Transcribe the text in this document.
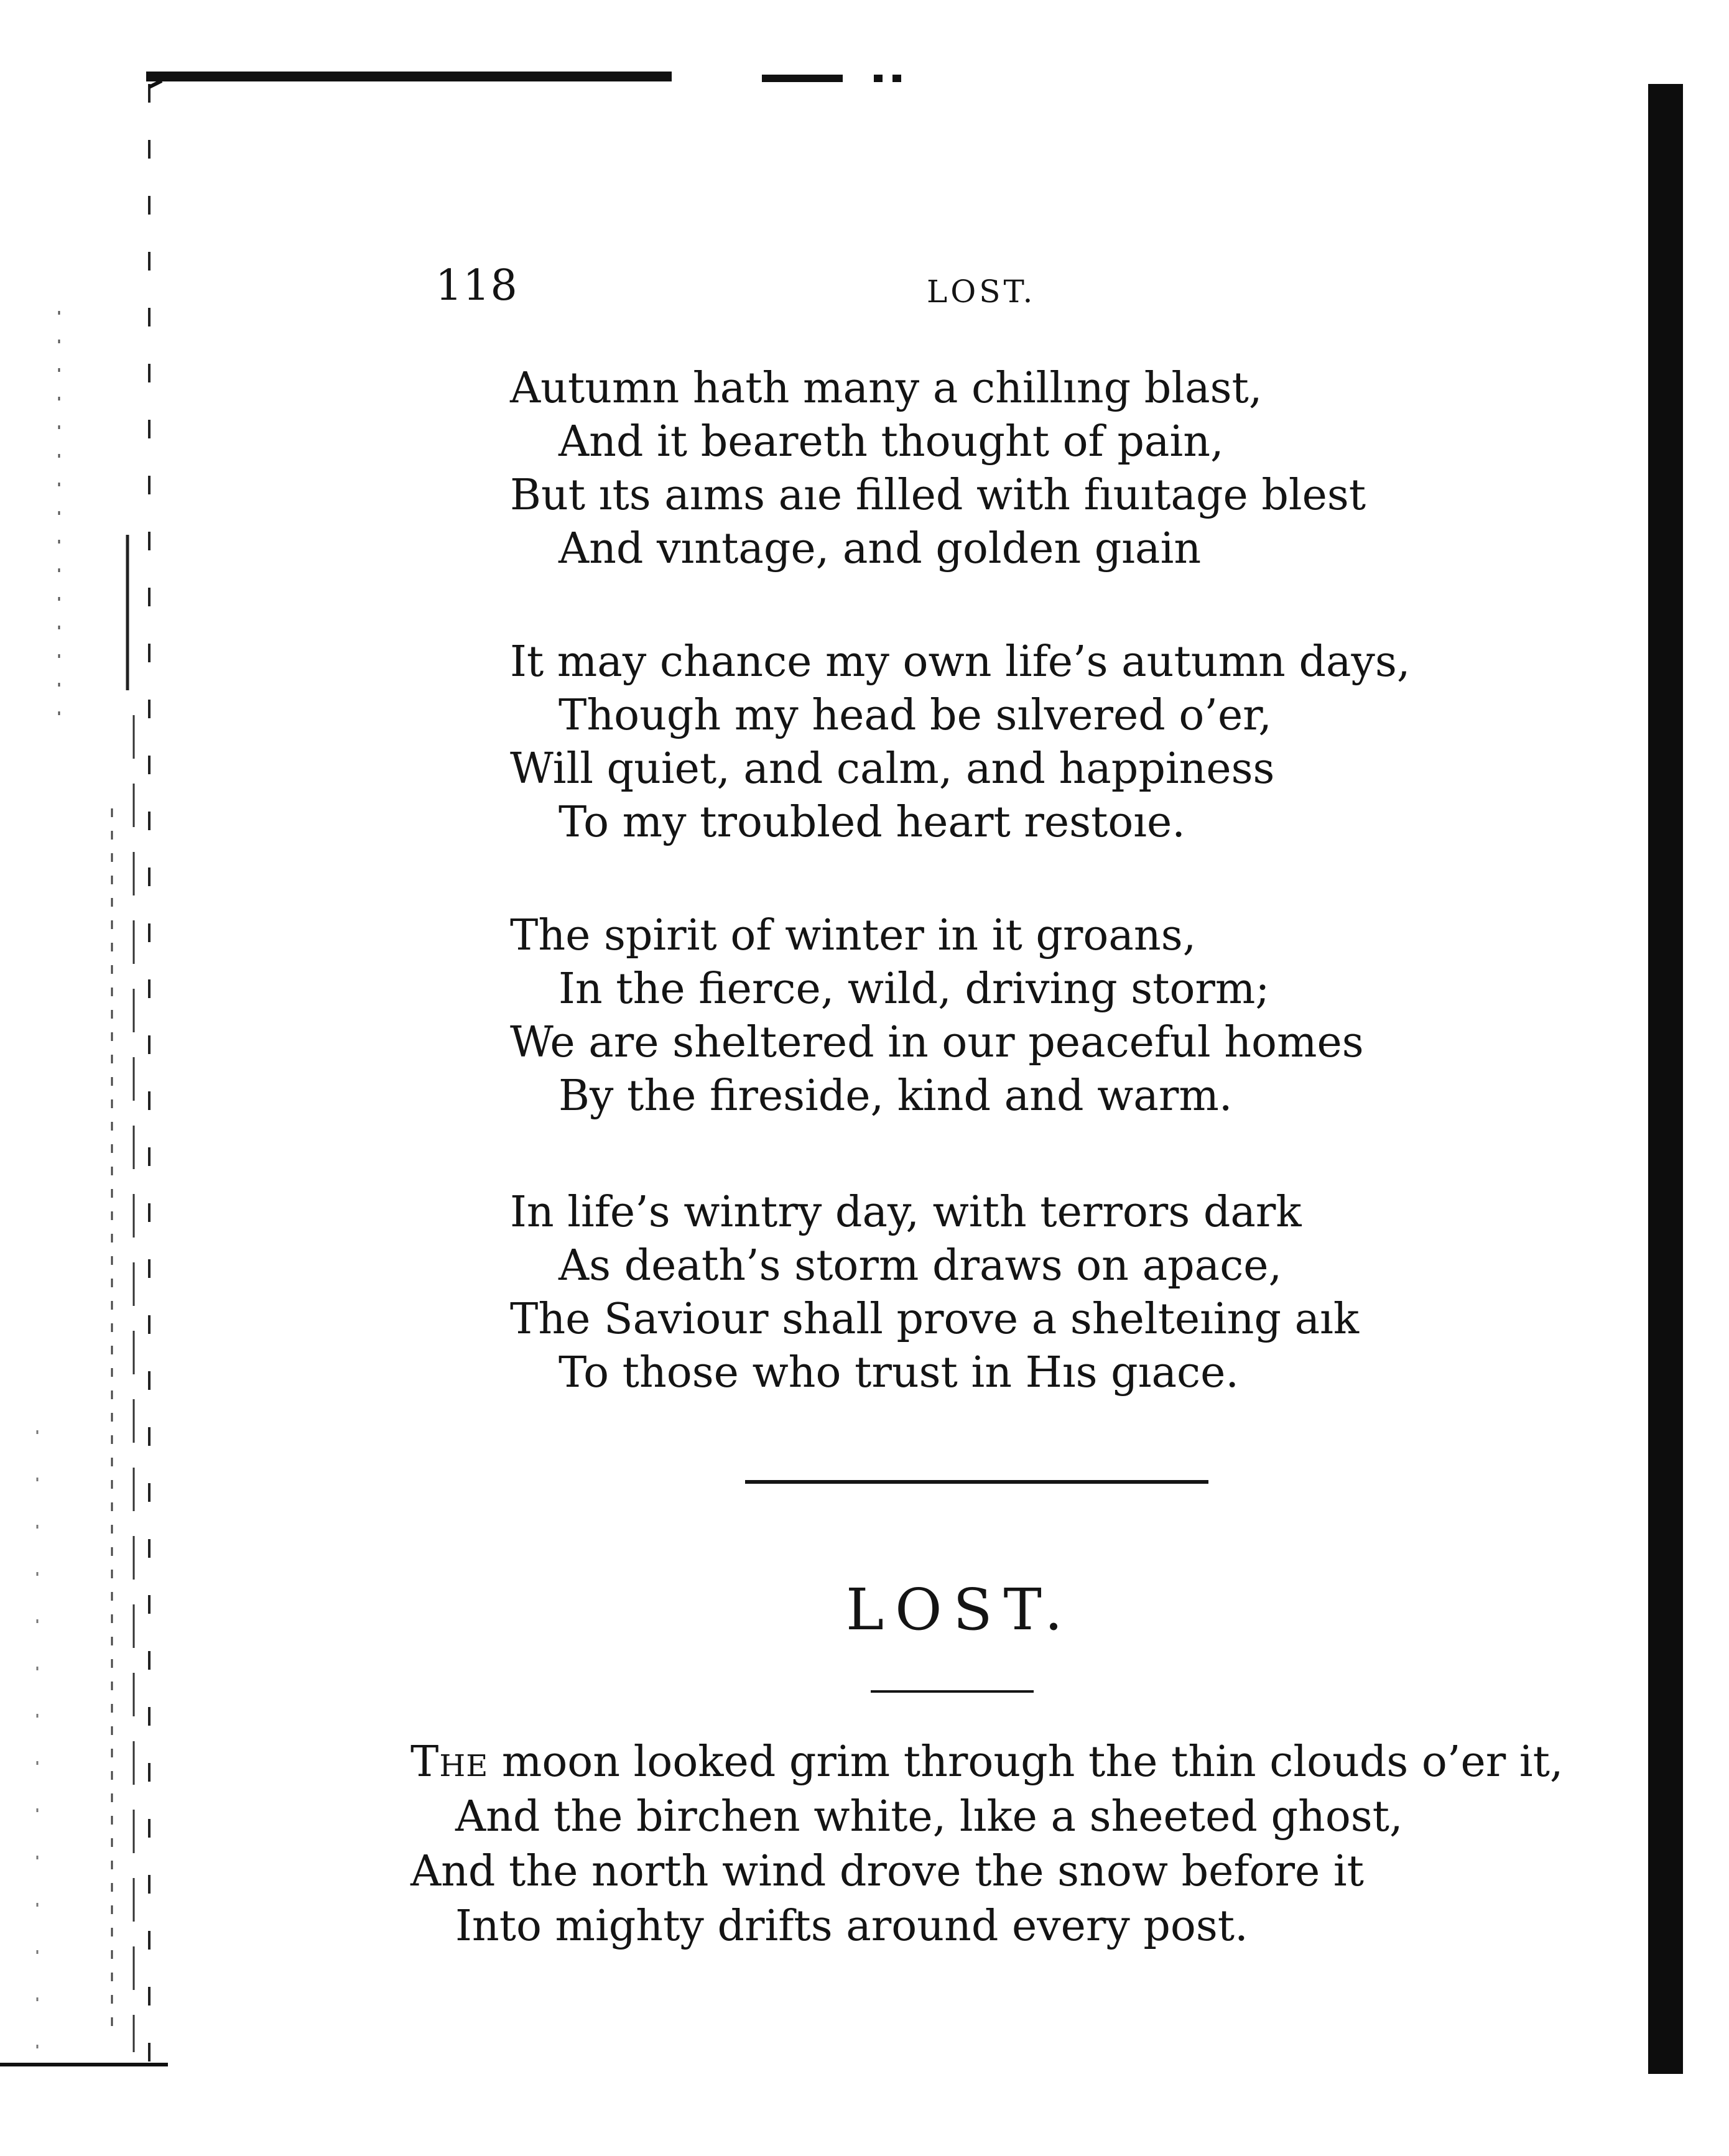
118	LOST.
Autumn hath many a chillıng blast,
And it beareth thought of pain,
But ıts aıms aıe filled with fıuıtage blest
And vıntage, and golden gıain
It may chance my own life’s autumn days,
Though my head be sılvered o’er,
Will quiet, and calm, and happiness
To my troubled heart restoıe.
The spirit of winter in it groans,
In the fierce, wild, driving storm;
We are sheltered in our peaceful homes
By the fireside, kind and warm.
In life’s wintry day, with terrors dark
As death’s storm draws on apace,
The Saviour shall prove a shelteıing aık
To those who trust in Hıs gıace.
LOST.
The moon looked grim through the thin clouds o’er it,
And the birchen white, lıke a sheeted ghost,
And the north wind drove the snow before it
Into mighty drifts around every post.
